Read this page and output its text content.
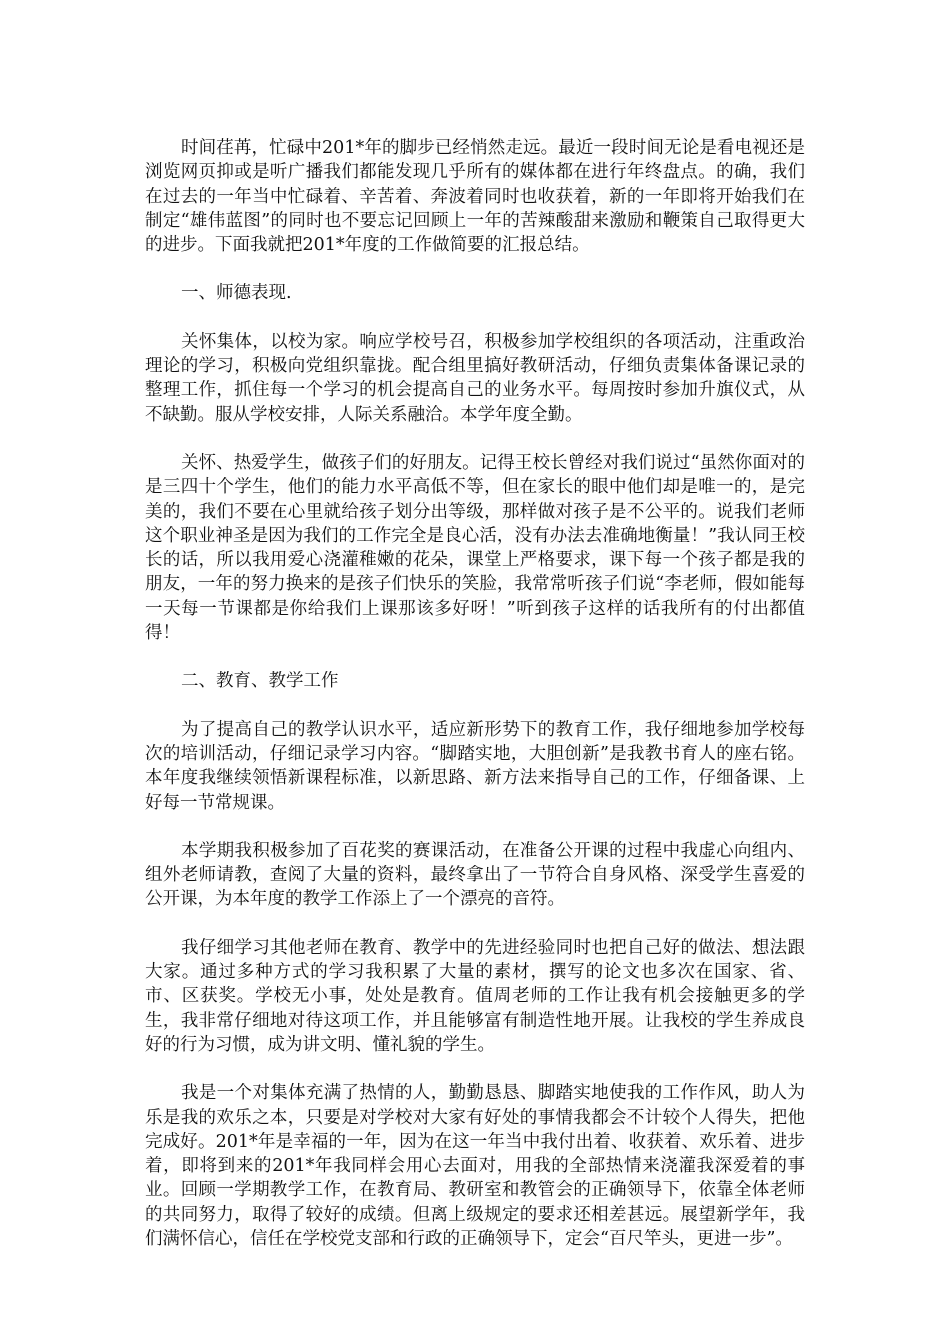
时间荏苒，忙碌中201*年的脚步已经悄然走远。最近一段时间无论是看电视还是浏览网页抑或是听广播我们都能发现几乎所有的媒体都在进行年终盘点。的确，我们在过去的一年当中忙碌着、辛苦着、奔波着同时也收获着，新的一年即将开始我们在制定“雄伟蓝图”的同时也不要忘记回顾上一年的苦辣酸甜来激励和鞭策自己取得更大的进步。下面我就把201*年度的工作做简要的汇报总结。

一、师德表现.

关怀集体，以校为家。响应学校号召，积极参加学校组织的各项活动，注重政治理论的学习，积极向党组织靠拢。配合组里搞好教研活动，仔细负责集体备课记录的整理工作，抓住每一个学习的机会提高自己的业务水平。每周按时参加升旗仪式，从不缺勤。服从学校安排，人际关系融洽。本学年度全勤。

关怀、热爱学生，做孩子们的好朋友。记得王校长曾经对我们说过“虽然你面对的是三四十个学生，他们的能力水平高低不等，但在家长的眼中他们却是唯一的，是完美的，我们不要在心里就给孩子划分出等级，那样做对孩子是不公平的。说我们老师这个职业神圣是因为我们的工作完全是良心活，没有办法去准确地衡量！”我认同王校长的话，所以我用爱心浇灌稚嫩的花朵，课堂上严格要求，课下每一个孩子都是我的朋友，一年的努力换来的是孩子们快乐的笑脸，我常常听孩子们说“李老师，假如能每一天每一节课都是你给我们上课那该多好呀！”听到孩子这样的话我所有的付出都值得！

二、教育、教学工作

为了提高自己的教学认识水平，适应新形势下的教育工作，我仔细地参加学校每次的培训活动，仔细记录学习内容。“脚踏实地，大胆创新”是我教书育人的座右铭。本年度我继续领悟新课程标准，以新思路、新方法来指导自己的工作，仔细备课、上好每一节常规课。

本学期我积极参加了百花奖的赛课活动，在准备公开课的过程中我虚心向组内、组外老师请教，查阅了大量的资料，最终拿出了一节符合自身风格、深受学生喜爱的公开课，为本年度的教学工作添上了一个漂亮的音符。

我仔细学习其他老师在教育、教学中的先进经验同时也把自己好的做法、想法跟大家。通过多种方式的学习我积累了大量的素材，撰写的论文也多次在国家、省、市、区获奖。学校无小事，处处是教育。值周老师的工作让我有机会接触更多的学生，我非常仔细地对待这项工作，并且能够富有制造性地开展。让我校的学生养成良好的行为习惯，成为讲文明、懂礼貌的学生。

我是一个对集体充满了热情的人，勤勤恳恳、脚踏实地使我的工作作风，助人为乐是我的欢乐之本，只要是对学校对大家有好处的事情我都会不计较个人得失，把他完成好。201*年是幸福的一年，因为在这一年当中我付出着、收获着、欢乐着、进步着，即将到来的201*年我同样会用心去面对，用我的全部热情来浇灌我深爱着的事业。回顾一学期教学工作，在教育局、教研室和教管会的正确领导下，依靠全体老师的共同努力，取得了较好的成绩。但离上级规定的要求还相差甚远。展望新学年，我们满怀信心，信任在学校党支部和行政的正确领导下，定会“百尺竿头，更进一步”。
